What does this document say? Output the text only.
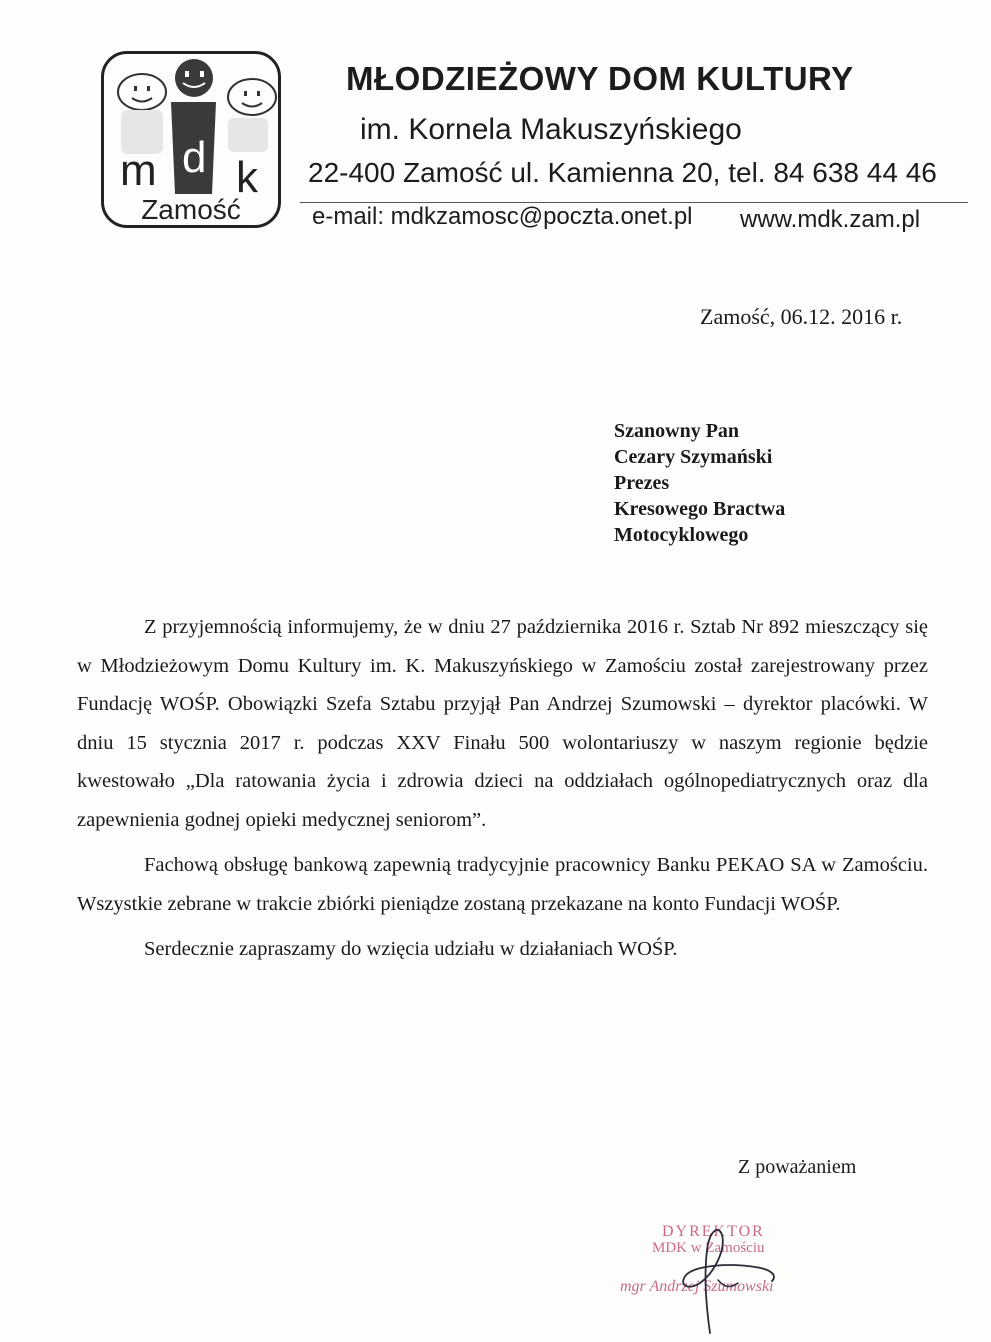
m d k
Zamość
MŁODZIEŻOWY DOM KULTURY
im. Kornela Makuszyńskiego
22-400 Zamość ul. Kamienna 20, tel. 84 638 44 46
e-mail: mdkzamosc@poczta.onet.pl www.mdk.zam.pl
Zamość, 06.12. 2016 r.
Szanowny Pan
Cezary Szymański
Prezes
Kresowego Bractwa
Motocyklowego

Z przyjemnością informujemy, że w dniu 27 października 2016 r. Sztab Nr 892 mieszczący się w Młodzieżowym Domu Kultury im. K. Makuszyńskiego w Zamościu został zarejestrowany przez Fundację WOŚP. Obowiązki Szefa Sztabu przyjął Pan Andrzej Szumowski – dyrektor placówki. W dniu 15 stycznia 2017 r. podczas XXV Finału 500 wolontariuszy w naszym regionie będzie kwestowało „Dla ratowania życia i zdrowia dzieci na oddziałach ogólnopediatrycznych oraz dla zapewnienia godnej opieki medycznej seniorom”.

Fachową obsługę bankową zapewnią tradycyjnie pracownicy Banku PEKAO SA w Zamościu. Wszystkie zebrane w trakcie zbiórki pieniądze zostaną przekazane na konto Fundacji WOŚP.

Serdecznie zapraszamy do wzięcia udziału w działaniach WOŚP.

Z poważaniem
DYREKTOR
MDK w Zamościu
mgr Andrzej Szumowski
